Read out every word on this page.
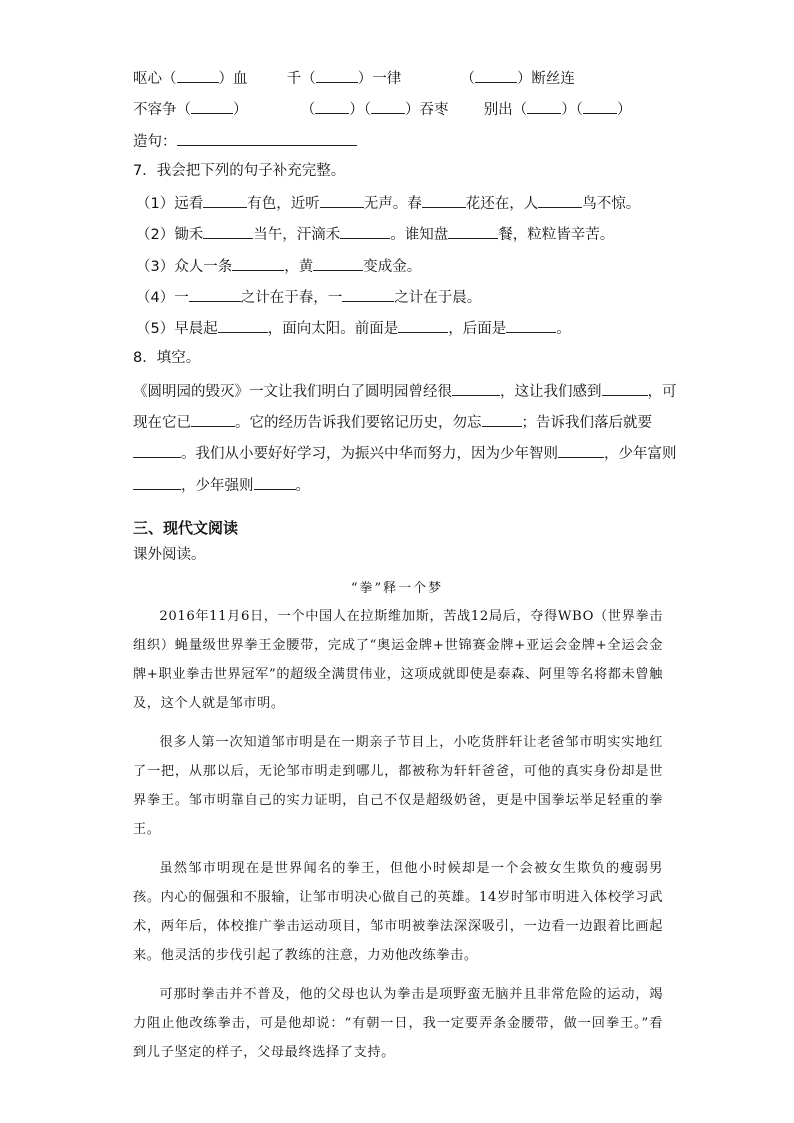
呕心（	）血	千（	）一律	（	）断丝连
不容争（	）	（ ）（ ）吞枣 别出（ ）（ ）
造句：
7．我会把下列的句子补充完整。
（1）远看	有色，近听	无声。春	花还在，人	鸟不惊。
（2）锄禾	当午，汗滴禾	。谁知盘	餐，粒粒皆辛苦。
（3）众人一条	，黄	变成金。
（4）一	之计在于春，一	之计在于晨。
（5）早晨起	，面向太阳。前面是	，后面是	。
8．填空。
《圆明园的毁灭》一文让我们明白了圆明园曾经很	，这让我们感到	，可
现在它已	。它的经历告诉我们要铭记历史，勿忘	；告诉我们落后就要
。我们从小要好好学习，为振兴中华而努力，因为少年智则	，少年富则
，少年强则	。
三、现代文阅读
课外阅读。
“拳”释一个梦

2016年11月6日，一个中国人在拉斯维加斯，苦战12局后，夺得WBO（世界拳击组织）蝇量级世界拳王金腰带，完成了“奥运金牌+世锦赛金牌+亚运会金牌+全运会金牌+职业拳击世界冠军”的超级全满贯伟业，这项成就即使是泰森、阿里等名将都未曾触及，这个人就是邹市明。

很多人第一次知道邹市明是在一期亲子节目上，小吃货胖轩让老爸邹市明实实地红了一把，从那以后，无论邹市明走到哪儿，都被称为轩轩爸爸，可他的真实身份却是世界拳王。邹市明靠自己的实力证明，自己不仅是超级奶爸，更是中国拳坛举足轻重的拳王。

虽然邹市明现在是世界闻名的拳王，但他小时候却是一个会被女生欺负的瘦弱男孩。内心的倔强和不服输，让邹市明决心做自己的英雄。14岁时邹市明进入体校学习武术，两年后，体校推广拳击运动项目，邹市明被拳法深深吸引，一边看一边跟着比画起来。他灵活的步伐引起了教练的注意，力劝他改练拳击。

可那时拳击并不普及，他的父母也认为拳击是项野蛮无脑并且非常危险的运动，竭力阻止他改练拳击，可是他却说：“有朝一日，我一定要弄条金腰带，做一回拳王。”看到儿子坚定的样子，父母最终选择了支持。
